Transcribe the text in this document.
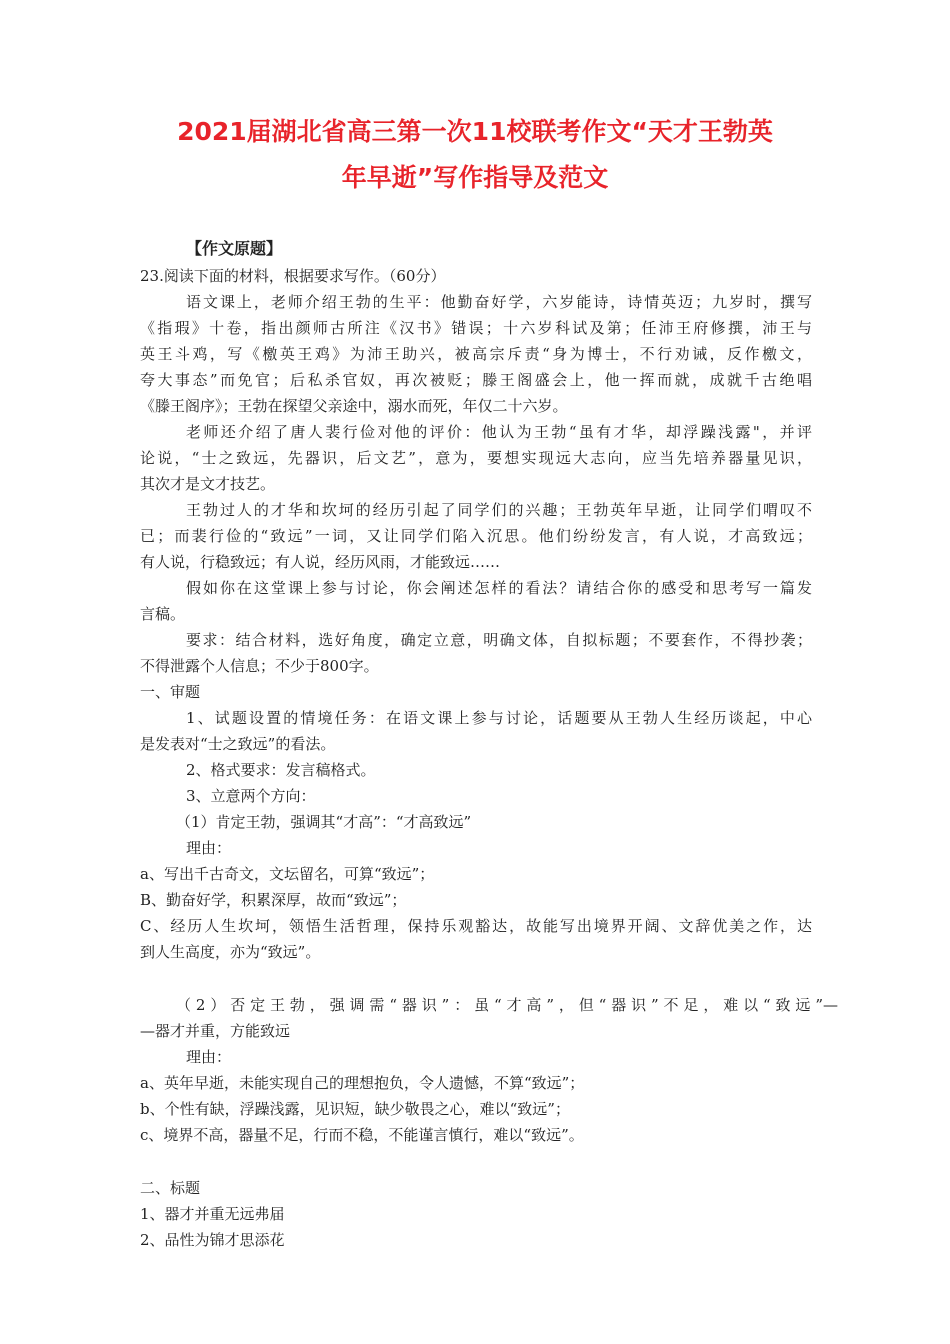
2021届湖北省高三第一次11校联考作文“天才王勃英
年早逝”写作指导及范文
【作文原题】
23.阅读下面的材料，根据要求写作。（60分）
语文课上，老师介绍王勃的生平：他勤奋好学，六岁能诗，诗情英迈；九岁时，撰写
《指瑕》十卷，指出颜师古所注《汉书》错误；十六岁科试及第；任沛王府修撰，沛王与
英王斗鸡，写《檄英王鸡》为沛王助兴，被高宗斥责“身为博士，不行劝诫，反作檄文，
夸大事态”而免官；后私杀官奴，再次被贬；滕王阁盛会上，他一挥而就，成就千古绝唱
《滕王阁序》；王勃在探望父亲途中，溺水而死，年仅二十六岁。
老师还介绍了唐人裴行俭对他的评价：他认为王勃“虽有才华，却浮躁浅露"，并评
论说，“士之致远，先器识，后文艺”，意为，要想实现远大志向，应当先培养器量见识，
其次才是文才技艺。
王勃过人的才华和坎坷的经历引起了同学们的兴趣；王勃英年早逝，让同学们喟叹不
已；而裴行俭的“致远”一词，又让同学们陷入沉思。他们纷纷发言，有人说，才高致远；
有人说，行稳致远；有人说，经历风雨，才能致远……
假如你在这堂课上参与讨论，你会阐述怎样的看法？请结合你的感受和思考写一篇发
言稿。
要求：结合材料，选好角度，确定立意，明确文体，自拟标题；不要套作，不得抄袭；
不得泄露个人信息；不少于800字。
一、审题
1、试题设置的情境任务：在语文课上参与讨论，话题要从王勃人生经历谈起，中心
是发表对“士之致远”的看法。
2、格式要求：发言稿格式。
3、立意两个方向：
（1）肯定王勃，强调其“才高”：“才高致远”
理由：
a、写出千古奇文，文坛留名，可算“致远”；
B、勤奋好学，积累深厚，故而“致远”；
C、经历人生坎坷，领悟生活哲理，保持乐观豁达，故能写出境界开阔、文辞优美之作，达
到人生高度，亦为“致远”。
（2）否定王勃，强调需“器识”：虽“才高”，但“器识”不足，难以“致远”—
—器才并重，方能致远
理由：
a、英年早逝，未能实现自己的理想抱负，令人遗憾，不算“致远”；
b、个性有缺，浮躁浅露，见识短，缺少敬畏之心，难以“致远”；
c、境界不高，器量不足，行而不稳，不能谨言慎行，难以“致远”。
二、标题
1、器才并重无远弗届
2、品性为锦才思添花
